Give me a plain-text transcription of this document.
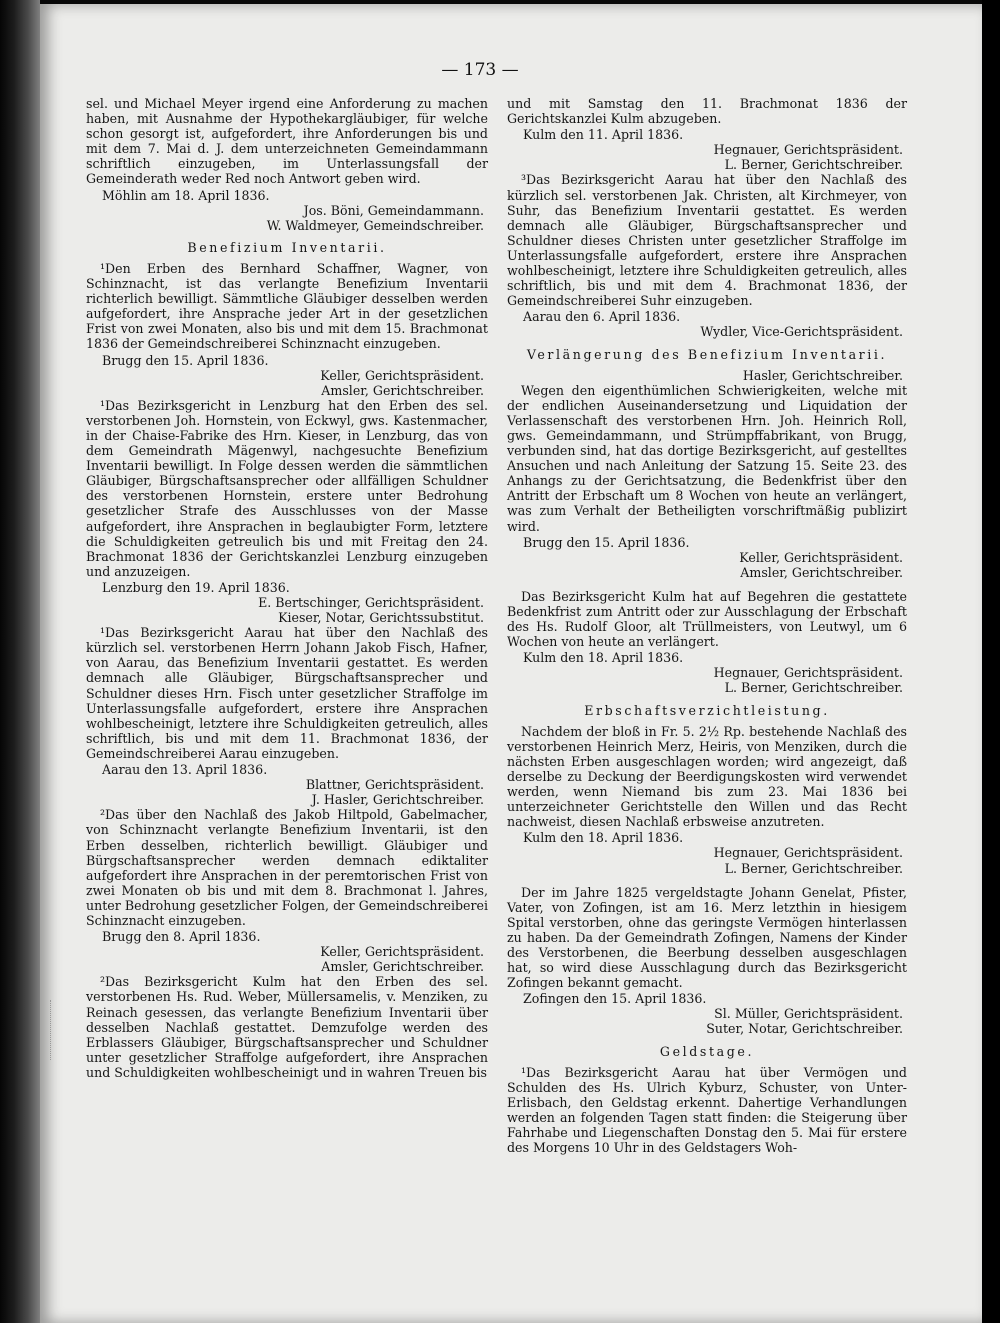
— 173 —

sel. und Michael Meyer irgend eine Anforderung zu machen haben, mit Ausnahme der Hypothekargläubiger, für welche schon gesorgt ist, aufgefordert, ihre Anforderungen bis und mit dem 7. Mai d. J. dem unterzeichneten Gemeindammann schriftlich einzugeben, im Unterlassungsfall der Gemeinderath weder Red noch Antwort geben wird.

Möhlin am 18. April 1836.

Jos. Böni, Gemeindammann.

W. Waldmeyer, Gemeindschreiber.

Benefizium Inventarii.

¹Den Erben des Bernhard Schaffner, Wagner, von Schinznacht, ist das verlangte Benefizium Inventarii richterlich bewilligt. Sämmtliche Gläubiger desselben werden aufgefordert, ihre Ansprache jeder Art in der gesetzlichen Frist von zwei Monaten, also bis und mit dem 15. Brachmonat 1836 der Gemeindschreiberei Schinznacht einzugeben.

Brugg den 15. April 1836.

Keller, Gerichtspräsident.

Amsler, Gerichtschreiber.

¹Das Bezirksgericht in Lenzburg hat den Erben des sel. verstorbenen Joh. Hornstein, von Eckwyl, gws. Kastenmacher, in der Chaise-Fabrike des Hrn. Kieser, in Lenzburg, das von dem Gemeindrath Mägenwyl, nachgesuchte Benefizium Inventarii bewilligt. In Folge dessen werden die sämmtlichen Gläubiger, Bürgschaftsansprecher oder allfälligen Schuldner des verstorbenen Hornstein, erstere unter Bedrohung gesetzlicher Strafe des Ausschlusses von der Masse aufgefordert, ihre Ansprachen in beglaubigter Form, letztere die Schuldigkeiten getreulich bis und mit Freitag den 24. Brachmonat 1836 der Gerichtskanzlei Lenzburg einzugeben und anzuzeigen.

Lenzburg den 19. April 1836.

E. Bertschinger, Gerichtspräsident.

Kieser, Notar, Gerichtssubstitut.

¹Das Bezirksgericht Aarau hat über den Nachlaß des kürzlich sel. verstorbenen Herrn Johann Jakob Fisch, Hafner, von Aarau, das Benefizium Inventarii gestattet. Es werden demnach alle Gläubiger, Bürgschaftsansprecher und Schuldner dieses Hrn. Fisch unter gesetzlicher Straffolge im Unterlassungsfalle aufgefordert, erstere ihre Ansprachen wohlbescheinigt, letztere ihre Schuldigkeiten getreulich, alles schriftlich, bis und mit dem 11. Brachmonat 1836, der Gemeindschreiberei Aarau einzugeben.

Aarau den 13. April 1836.

Blattner, Gerichtspräsident.

J. Hasler, Gerichtschreiber.

²Das über den Nachlaß des Jakob Hiltpold, Gabelmacher, von Schinznacht verlangte Benefizium Inventarii, ist den Erben desselben, richterlich bewilligt. Gläubiger und Bürgschaftsansprecher werden demnach ediktaliter aufgefordert ihre Ansprachen in der peremtorischen Frist von zwei Monaten ob bis und mit dem 8. Brachmonat l. Jahres, unter Bedrohung gesetzlicher Folgen, der Gemeindschreiberei Schinznacht einzugeben.

Brugg den 8. April 1836.

Keller, Gerichtspräsident.

Amsler, Gerichtschreiber.

²Das Bezirksgericht Kulm hat den Erben des sel. verstorbenen Hs. Rud. Weber, Müllersamelis, v. Menziken, zu Reinach gesessen, das verlangte Benefizium Inventarii über desselben Nachlaß gestattet. Demzufolge werden des Erblassers Gläubiger, Bürgschaftsansprecher und Schuldner unter gesetzlicher Straffolge aufgefordert, ihre Ansprachen und Schuldigkeiten wohlbescheinigt und in wahren Treuen bis

und mit Samstag den 11. Brachmonat 1836 der Gerichtskanzlei Kulm abzugeben.

Kulm den 11. April 1836.

Hegnauer, Gerichtspräsident.

L. Berner, Gerichtschreiber.

³Das Bezirksgericht Aarau hat über den Nachlaß des kürzlich sel. verstorbenen Jak. Christen, alt Kirchmeyer, von Suhr, das Benefizium Inventarii gestattet. Es werden demnach alle Gläubiger, Bürgschaftsansprecher und Schuldner dieses Christen unter gesetzlicher Straffolge im Unterlassungsfalle aufgefordert, erstere ihre Ansprachen wohlbescheinigt, letztere ihre Schuldigkeiten getreulich, alles schriftlich, bis und mit dem 4. Brachmonat 1836, der Gemeindschreiberei Suhr einzugeben.

Aarau den 6. April 1836.

Wydler, Vice-Gerichtspräsident.

Verlängerung des Benefizium Inventarii.

Hasler, Gerichtschreiber.

Wegen den eigenthümlichen Schwierigkeiten, welche mit der endlichen Auseinandersetzung und Liquidation der Verlassenschaft des verstorbenen Hrn. Joh. Heinrich Roll, gws. Gemeindammann, und Strümpffabrikant, von Brugg, verbunden sind, hat das dortige Bezirksgericht, auf gestelltes Ansuchen und nach Anleitung der Satzung 15. Seite 23. des Anhangs zu der Gerichtsatzung, die Bedenkfrist über den Antritt der Erbschaft um 8 Wochen von heute an verlängert, was zum Verhalt der Betheiligten vorschriftmäßig publizirt wird.

Brugg den 15. April 1836.

Keller, Gerichtspräsident.

Amsler, Gerichtschreiber.

Das Bezirksgericht Kulm hat auf Begehren die gestattete Bedenkfrist zum Antritt oder zur Ausschlagung der Erbschaft des Hs. Rudolf Gloor, alt Trüllmeisters, von Leutwyl, um 6 Wochen von heute an verlängert.

Kulm den 18. April 1836.

Hegnauer, Gerichtspräsident.

L. Berner, Gerichtschreiber.

Erbschaftsverzichtleistung.

Nachdem der bloß in Fr. 5. 2½ Rp. bestehende Nachlaß des verstorbenen Heinrich Merz, Heiris, von Menziken, durch die nächsten Erben ausgeschlagen worden; wird angezeigt, daß derselbe zu Deckung der Beerdigungskosten wird verwendet werden, wenn Niemand bis zum 23. Mai 1836 bei unterzeichneter Gerichtstelle den Willen und das Recht nachweist, diesen Nachlaß erbsweise anzutreten.

Kulm den 18. April 1836.

Hegnauer, Gerichtspräsident.

L. Berner, Gerichtschreiber.

Der im Jahre 1825 vergeldstagte Johann Genelat, Pfister, Vater, von Zofingen, ist am 16. Merz letzthin in hiesigem Spital verstorben, ohne das geringste Vermögen hinterlassen zu haben. Da der Gemeindrath Zofingen, Namens der Kinder des Verstorbenen, die Beerbung desselben ausgeschlagen hat, so wird diese Ausschlagung durch das Bezirksgericht Zofingen bekannt gemacht.

Zofingen den 15. April 1836.

Sl. Müller, Gerichtspräsident.

Suter, Notar, Gerichtschreiber.

Geldstage.

¹Das Bezirksgericht Aarau hat über Vermögen und Schulden des Hs. Ulrich Kyburz, Schuster, von Unter-Erlisbach, den Geldstag erkennt. Dahertige Verhandlungen werden an folgenden Tagen statt finden: die Steigerung über Fahrhabe und Liegenschaften Donstag den 5. Mai für erstere des Morgens 10 Uhr in des Geldstagers Woh-
